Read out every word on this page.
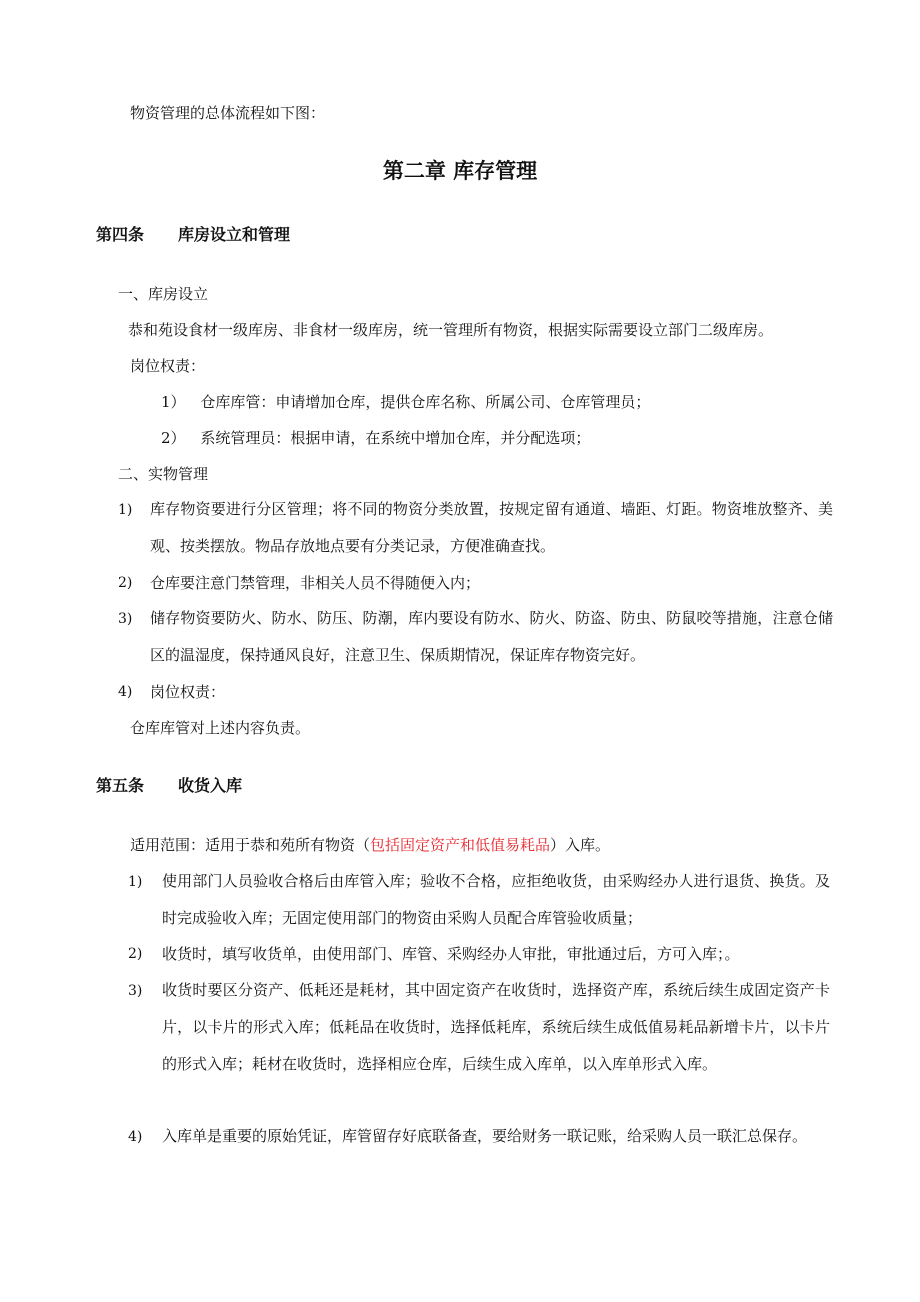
物资管理的总体流程如下图：
第二章 库存管理
第四条 库房设立和管理
一、库房设立
恭和苑设食材一级库房、非食材一级库房，统一管理所有物资，根据实际需要设立部门二级库房。
岗位权责：
1） 仓库库管：申请增加仓库，提供仓库名称、所属公司、仓库管理员；
2） 系统管理员：根据申请，在系统中增加仓库，并分配选项；
二、实物管理
1) 库存物资要进行分区管理；将不同的物资分类放置，按规定留有通道、墙距、灯距。物资堆放整齐、美观、按类摆放。物品存放地点要有分类记录，方便准确查找。
2) 仓库要注意门禁管理，非相关人员不得随便入内；
3) 储存物资要防火、防水、防压、防潮，库内要设有防水、防火、防盗、防虫、防鼠咬等措施，注意仓储区的温湿度，保持通风良好，注意卫生、保质期情况，保证库存物资完好。
4) 岗位权责：
仓库库管对上述内容负责。
第五条 收货入库
适用范围：适用于恭和苑所有物资（包括固定资产和低值易耗品）入库。
1) 使用部门人员验收合格后由库管入库；验收不合格，应拒绝收货，由采购经办人进行退货、换货。及时完成验收入库；无固定使用部门的物资由采购人员配合库管验收质量；
2) 收货时，填写收货单，由使用部门、库管、采购经办人审批，审批通过后，方可入库；。
3) 收货时要区分资产、低耗还是耗材，其中固定资产在收货时，选择资产库，系统后续生成固定资产卡片，以卡片的形式入库；低耗品在收货时，选择低耗库，系统后续生成低值易耗品新增卡片，以卡片的形式入库；耗材在收货时，选择相应仓库，后续生成入库单，以入库单形式入库。
4) 入库单是重要的原始凭证，库管留存好底联备查，要给财务一联记账，给采购人员一联汇总保存。
